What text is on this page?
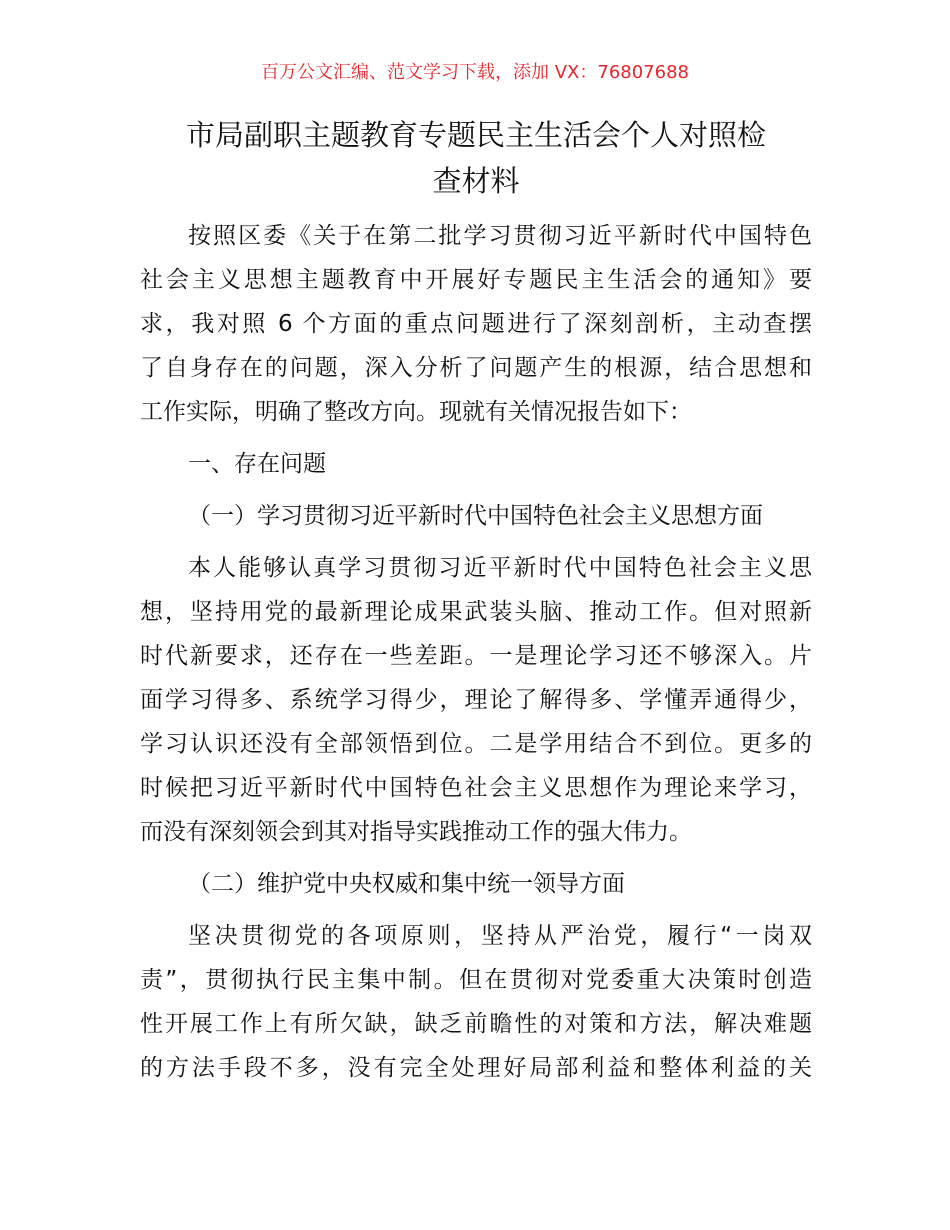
百万公文汇编、范文学习下载，添加 VX：76807688
市局副职主题教育专题民主生活会个人对照检
查材料
按照区委《关于在第二批学习贯彻习近平新时代中国特色
社会主义思想主题教育中开展好专题民主生活会的通知》要
求，我对照 6 个方面的重点问题进行了深刻剖析，主动查摆
了自身存在的问题，深入分析了问题产生的根源，结合思想和
工作实际，明确了整改方向。现就有关情况报告如下：
一、存在问题
（一）学习贯彻习近平新时代中国特色社会主义思想方面
本人能够认真学习贯彻习近平新时代中国特色社会主义思
想，坚持用党的最新理论成果武装头脑、推动工作。但对照新
时代新要求，还存在一些差距。一是理论学习还不够深入。片
面学习得多、系统学习得少，理论了解得多、学懂弄通得少，
学习认识还没有全部领悟到位。二是学用结合不到位。更多的
时候把习近平新时代中国特色社会主义思想作为理论来学习，
而没有深刻领会到其对指导实践推动工作的强大伟力。
（二）维护党中央权威和集中统一领导方面
坚决贯彻党的各项原则，坚持从严治党，履行“一岗双
责”，贯彻执行民主集中制。但在贯彻对党委重大决策时创造
性开展工作上有所欠缺，缺乏前瞻性的对策和方法，解决难题
的方法手段不多，没有完全处理好局部利益和整体利益的关
